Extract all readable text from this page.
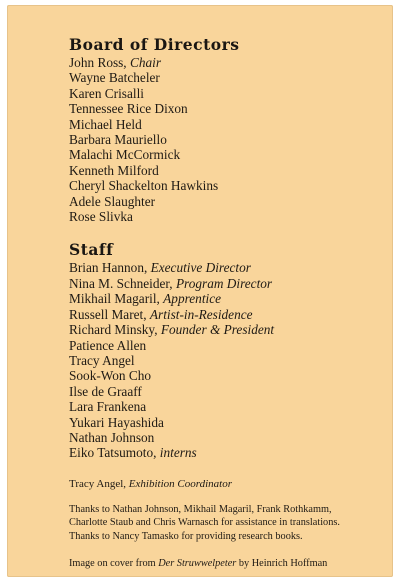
Board of Directors
John Ross, Chair
Wayne Batcheler
Karen Crisalli
Tennessee Rice Dixon
Michael Held
Barbara Mauriello
Malachi McCormick
Kenneth Milford
Cheryl Shackelton Hawkins
Adele Slaughter
Rose Slivka
Staff
Brian Hannon, Executive Director
Nina M. Schneider, Program Director
Mikhail Magaril, Apprentice
Russell Maret, Artist-in-Residence
Richard Minsky, Founder & President
Patience Allen
Tracy Angel
Sook-Won Cho
Ilse de Graaff
Lara Frankena
Yukari Hayashida
Nathan Johnson
Eiko Tatsumoto, interns

Tracy Angel, Exhibition Coordinator

Thanks to Nathan Johnson, Mikhail Magaril, Frank Rothkamm, Charlotte Staub and Chris Warnasch for assistance in translations. Thanks to Nancy Tamasko for providing research books.

Image on cover from Der Struwwelpeter by Heinrich Hoffman
